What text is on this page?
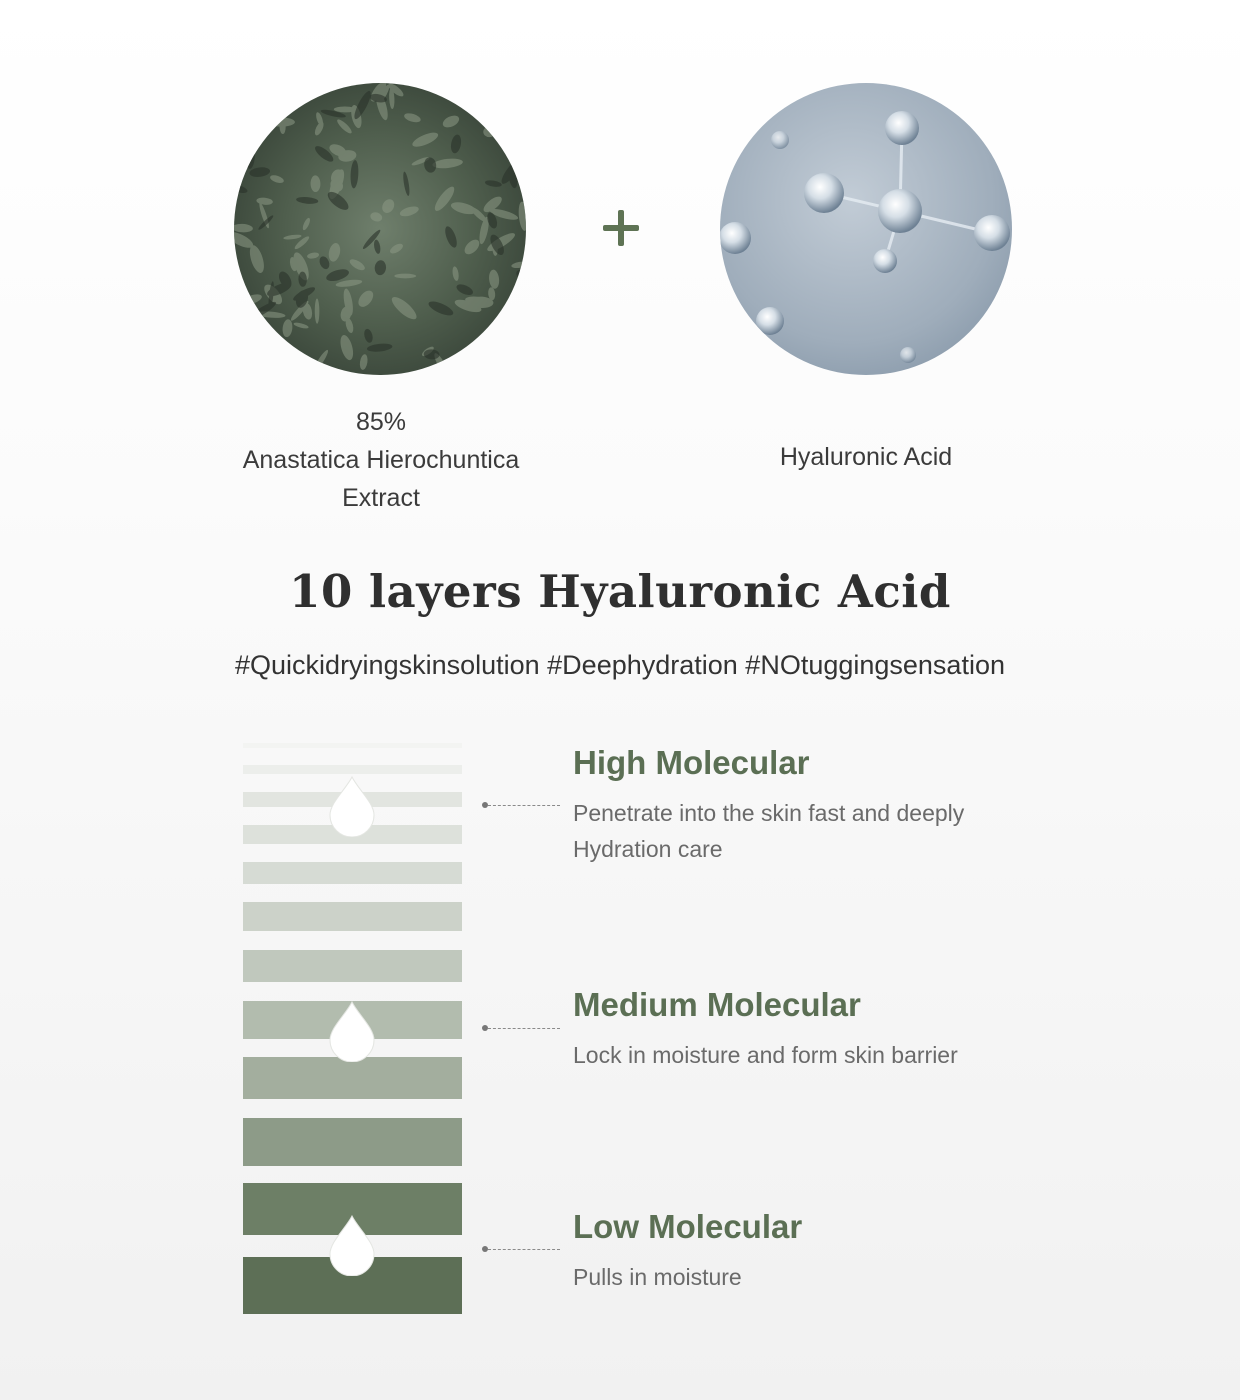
85%
Anastatica Hierochuntica
Extract
Hyaluronic Acid
10 layers Hyaluronic Acid
#Quickidryingskinsolution #Deephydration #NOtuggingsensation
High Molecular
Penetrate into the skin fast and deeply
Hydration care
Medium Molecular
Lock in moisture and form skin barrier
Low Molecular
Pulls in moisture
